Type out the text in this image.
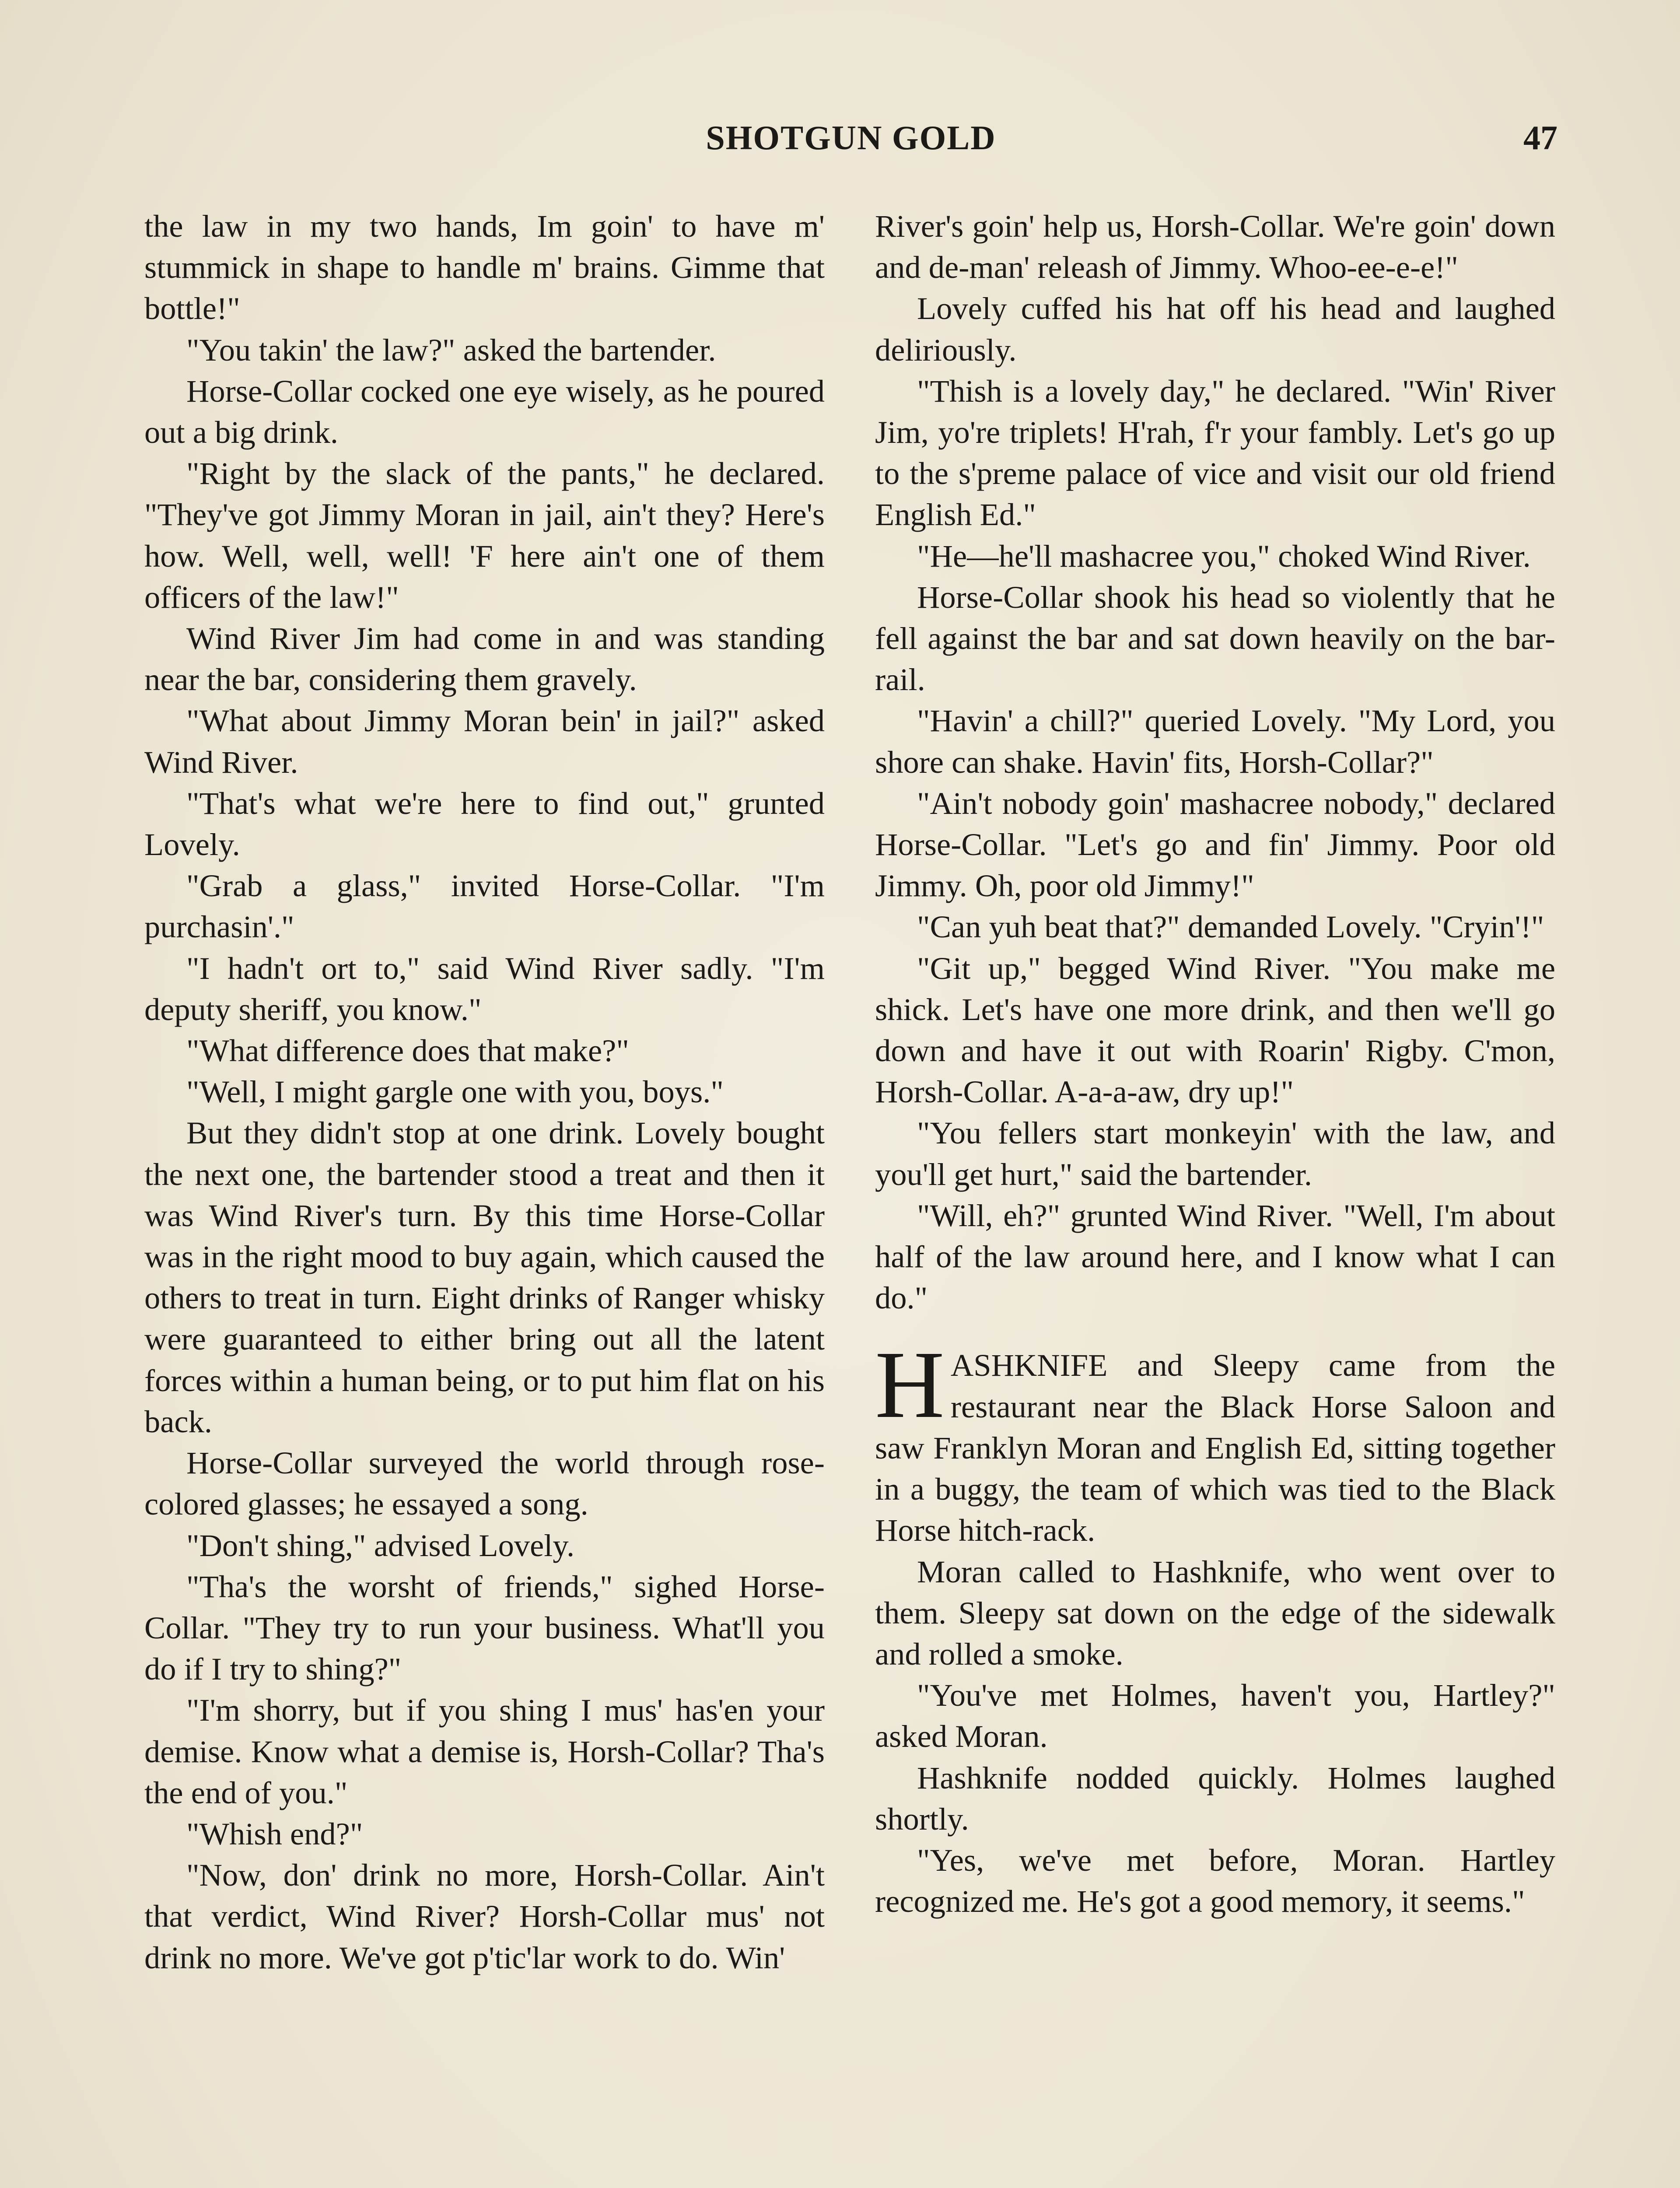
SHOTGUN GOLD	47

the law in my two hands, Im goin' to have m' stummick in shape to handle m' brains. Gimme that bottle!"

"You takin' the law?" asked the bartender.

Horse-Collar cocked one eye wisely, as he poured out a big drink.

"Right by the slack of the pants," he declared. "They've got Jimmy Moran in jail, ain't they? Here's how. Well, well, well! 'F here ain't one of them officers of the law!"

Wind River Jim had come in and was standing near the bar, considering them gravely.

"What about Jimmy Moran bein' in jail?" asked Wind River.

"That's what we're here to find out," grunted Lovely.

"Grab a glass," invited Horse-Collar. "I'm purchasin'."

"I hadn't ort to," said Wind River sadly. "I'm deputy sheriff, you know."

"What difference does that make?"

"Well, I might gargle one with you, boys."

But they didn't stop at one drink. Lovely bought the next one, the bartender stood a treat and then it was Wind River's turn. By this time Horse-Collar was in the right mood to buy again, which caused the others to treat in turn. Eight drinks of Ranger whisky were guaranteed to either bring out all the latent forces within a human being, or to put him flat on his back.

Horse-Collar surveyed the world through rose-colored glasses; he essayed a song.

"Don't shing," advised Lovely.

"Tha's the worsht of friends," sighed Horse-Collar. "They try to run your business. What'll you do if I try to shing?"

"I'm shorry, but if you shing I mus' has'en your demise. Know what a demise is, Horsh-Collar? Tha's the end of you."

"Whish end?"

"Now, don' drink no more, Horsh-Collar. Ain't that verdict, Wind River? Horsh-Collar mus' not drink no more. We've got p'tic'lar work to do. Win'

River's goin' help us, Horsh-Collar. We're goin' down and de-man' releash of Jimmy. Whoo-ee-e-e!"

Lovely cuffed his hat off his head and laughed deliriously.

"Thish is a lovely day," he declared. "Win' River Jim, yo're triplets! H'rah, f'r your fambly. Let's go up to the s'preme palace of vice and visit our old friend English Ed."

"He—he'll mashacree you," choked Wind River.

Horse-Collar shook his head so violently that he fell against the bar and sat down heavily on the bar-rail.

"Havin' a chill?" queried Lovely. "My Lord, you shore can shake. Havin' fits, Horsh-Collar?"

"Ain't nobody goin' mashacree nobody," declared Horse-Collar. "Let's go and fin' Jimmy. Poor old Jimmy. Oh, poor old Jimmy!"

"Can yuh beat that?" demanded Lovely. "Cryin'!"

"Git up," begged Wind River. "You make me shick. Let's have one more drink, and then we'll go down and have it out with Roarin' Rigby. C'mon, Horsh-Collar. A-a-a-aw, dry up!"

"You fellers start monkeyin' with the law, and you'll get hurt," said the bartender.

"Will, eh?" grunted Wind River. "Well, I'm about half of the law around here, and I know what I can do."

HASHKNIFE and Sleepy came from the restaurant near the Black Horse Saloon and saw Franklyn Moran and English Ed, sitting together in a buggy, the team of which was tied to the Black Horse hitch-rack.

Moran called to Hashknife, who went over to them. Sleepy sat down on the edge of the sidewalk and rolled a smoke.

"You've met Holmes, haven't you, Hartley?" asked Moran.

Hashknife nodded quickly. Holmes laughed shortly.

"Yes, we've met before, Moran. Hartley recognized me. He's got a good memory, it seems."
